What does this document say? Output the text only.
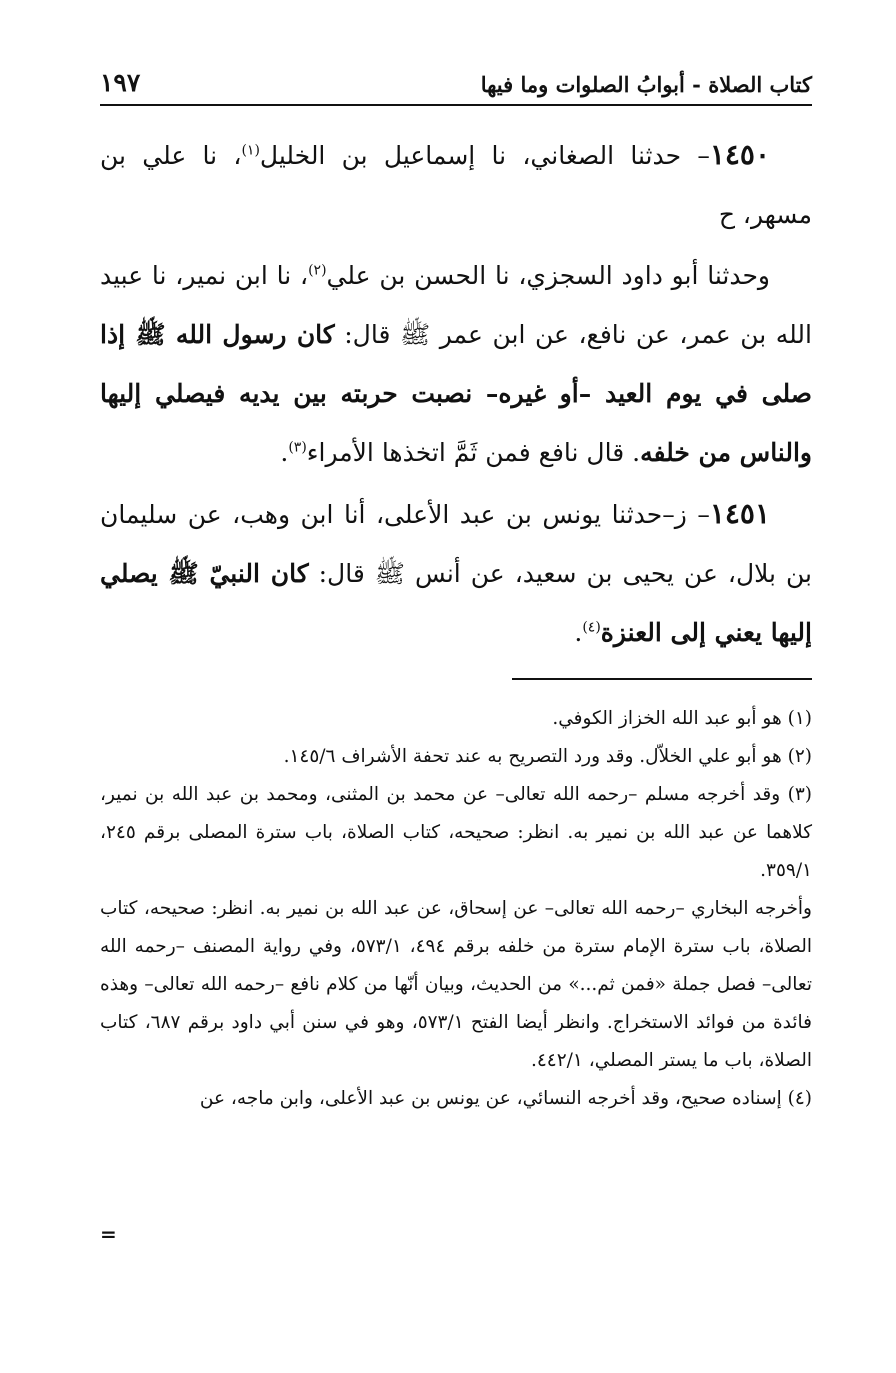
كتاب الصلاة - أبوابُ الصلوات وما فيها
١٩٧

١٤٥٠– حدثنا الصغاني، نا إسماعيل بن الخليل$^{(١)}$، نا علي بن مسهر، ح

وحدثنا أبو داود السجزي، نا الحسن بن علي$^{(٢)}$، نا ابن نمير، نا عبيد الله بن عمر، عن نافع، عن ابن عمر ﷺ قال: كان رسول الله ﷺ إذا صلى في يوم العيد –أو غيره– نصبت حربته بين يديه فيصلي إليها والناس من خلفه. قال نافع فمن ثَمَّ اتخذها الأمراء$^{(٣)}$.

١٤٥١– ز–حدثنا يونس بن عبد الأعلى، أنا ابن وهب، عن سليمان بن بلال، عن يحيى بن سعيد، عن أنس ﷺ قال: كان النبيّ ﷺ يصلي إليها يعني إلى العنزة$^{(٤)}$.

(١) هو أبو عبد الله الخزاز الكوفي.

(٢) هو أبو علي الخلاّل. وقد ورد التصريح به عند تحفة الأشراف ١٤٥/٦.

(٣) وقد أخرجه مسلم –رحمه الله تعالى– عن محمد بن المثنى، ومحمد بن عبد الله بن نمير، كلاهما عن عبد الله بن نمير به. انظر: صحيحه، كتاب الصلاة، باب سترة المصلى برقم ٢٤٥، ٣٥٩/١.

وأخرجه البخاري –رحمه الله تعالى– عن إسحاق، عن عبد الله بن نمير به. انظر: صحيحه، كتاب الصلاة، باب سترة الإمام سترة من خلفه برقم ٤٩٤، ٥٧٣/١، وفي رواية المصنف –رحمه الله تعالى– فصل جملة «فمن ثم...» من الحديث، وبيان أنّها من كلام نافع –رحمه الله تعالى– وهذه فائدة من فوائد الاستخراج. وانظر أيضا الفتح ٥٧٣/١، وهو في سنن أبي داود برقم ٦٨٧، كتاب الصلاة، باب ما يستر المصلي، ٤٤٢/١.

(٤) إسناده صحيح، وقد أخرجه النسائي، عن يونس بن عبد الأعلى، وابن ماجه، عن

=
